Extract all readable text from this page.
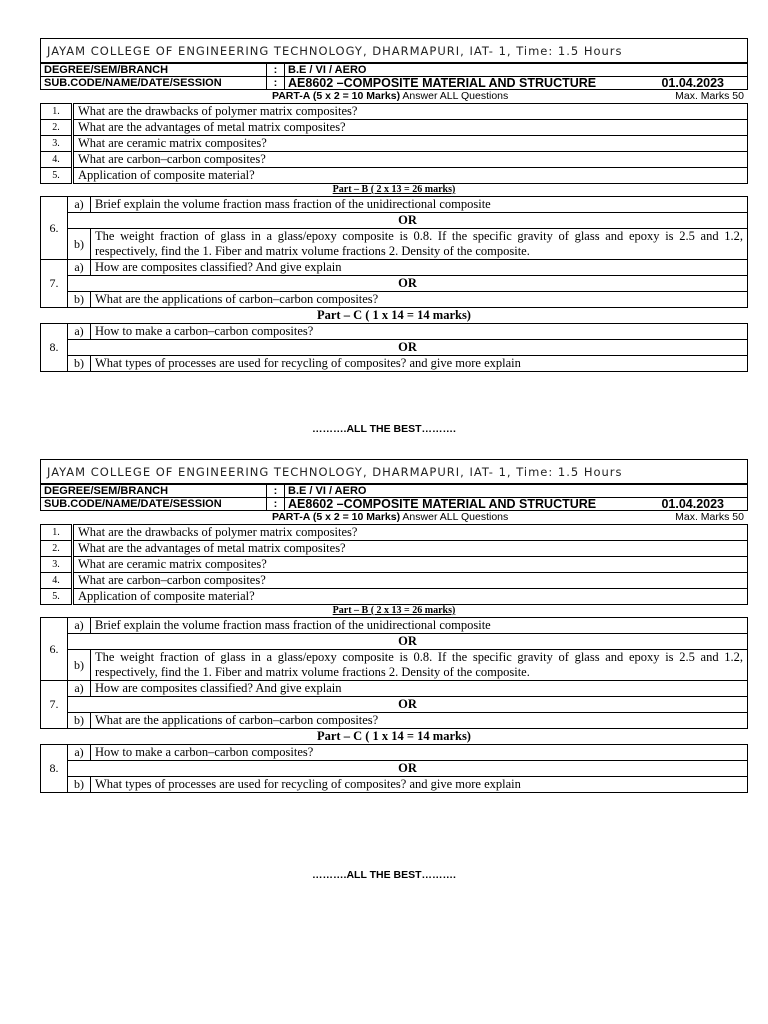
JAYAM COLLEGE OF ENGINEERING TECHNOLOGY, DHARMAPURI, IAT- 1, Time: 1.5 Hours
DEGREE/SEM/BRANCH	:	B.E / VI / AERO
SUB.CODE/NAME/DATE/SESSION	:	AE8602 –COMPOSITE MATERIAL AND STRUCTURE 01.04.2023
PART-A (5 x 2 = 10 Marks) Answer ALL Questions	Max. Marks 50
1.	What are the drawbacks of polymer matrix composites?
2.	What are the advantages of metal matrix composites?
3.	What are ceramic matrix composites?
4.	What are carbon–carbon composites?
5.	Application of composite material?
Part – B ( 2 x 13 = 26 marks)
6.	a)	Brief explain the volume fraction mass fraction of the unidirectional composite
	OR	
	b)	The weight fraction of glass in a glass/epoxy composite is 0.8. If the specific gravity of glass and epoxy is 2.5 and 1.2, respectively, find the 1. Fiber and matrix volume fractions 2. Density of the composite.
7.	a)	How are composites classified? And give explain
	OR	
	b)	What are the applications of carbon–carbon composites?
Part – C ( 1 x 14 = 14 marks)
8.	a)	How to make a carbon–carbon composites?
	OR	
	b)	What types of processes are used for recycling of composites? and give more explain
……….ALL THE BEST……….
JAYAM COLLEGE OF ENGINEERING TECHNOLOGY, DHARMAPURI, IAT- 1, Time: 1.5 Hours
DEGREE/SEM/BRANCH	:	B.E / VI / AERO
SUB.CODE/NAME/DATE/SESSION	:	AE8602 –COMPOSITE MATERIAL AND STRUCTURE 01.04.2023
PART-A (5 x 2 = 10 Marks) Answer ALL Questions	Max. Marks 50
1.	What are the drawbacks of polymer matrix composites?
2.	What are the advantages of metal matrix composites?
3.	What are ceramic matrix composites?
4.	What are carbon–carbon composites?
5.	Application of composite material?
Part – B ( 2 x 13 = 26 marks)
6.	a)	Brief explain the volume fraction mass fraction of the unidirectional composite
	OR	
	b)	The weight fraction of glass in a glass/epoxy composite is 0.8. If the specific gravity of glass and epoxy is 2.5 and 1.2, respectively, find the 1. Fiber and matrix volume fractions 2. Density of the composite.
7.	a)	How are composites classified? And give explain
	OR	
	b)	What are the applications of carbon–carbon composites?
Part – C ( 1 x 14 = 14 marks)
8.	a)	How to make a carbon–carbon composites?
	OR	
	b)	What types of processes are used for recycling of composites? and give more explain
……….ALL THE BEST……….
